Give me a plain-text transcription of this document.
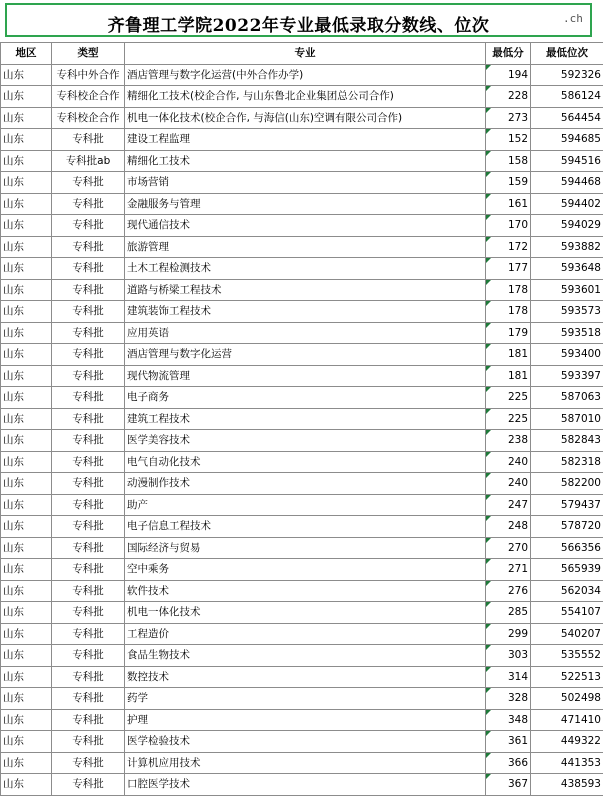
齐鲁理工学院2022年专业最低录取分数线、位次	.ch
地区	类型	专业	最低分	最低位次
山东	专科中外合作	酒店管理与数字化运营(中外合作办学)	194	592326
山东	专科校企合作	精细化工技术(校企合作, 与山东鲁北企业集团总公司合作)	228	586124
山东	专科校企合作	机电一体化技术(校企合作, 与海信(山东)空调有限公司合作)	273	564454
山东	专科批	建设工程监理	152	594685
山东	专科批ab	精细化工技术	158	594516
山东	专科批	市场营销	159	594468
山东	专科批	金融服务与管理	161	594402
山东	专科批	现代通信技术	170	594029
山东	专科批	旅游管理	172	593882
山东	专科批	土木工程检测技术	177	593648
山东	专科批	道路与桥梁工程技术	178	593601
山东	专科批	建筑装饰工程技术	178	593573
山东	专科批	应用英语	179	593518
山东	专科批	酒店管理与数字化运营	181	593400
山东	专科批	现代物流管理	181	593397
山东	专科批	电子商务	225	587063
山东	专科批	建筑工程技术	225	587010
山东	专科批	医学美容技术	238	582843
山东	专科批	电气自动化技术	240	582318
山东	专科批	动漫制作技术	240	582200
山东	专科批	助产	247	579437
山东	专科批	电子信息工程技术	248	578720
山东	专科批	国际经济与贸易	270	566356
山东	专科批	空中乘务	271	565939
山东	专科批	软件技术	276	562034
山东	专科批	机电一体化技术	285	554107
山东	专科批	工程造价	299	540207
山东	专科批	食品生物技术	303	535552
山东	专科批	数控技术	314	522513
山东	专科批	药学	328	502498
山东	专科批	护理	348	471410
山东	专科批	医学检验技术	361	449322
山东	专科批	计算机应用技术	366	441353
山东	专科批	口腔医学技术	367	438593
